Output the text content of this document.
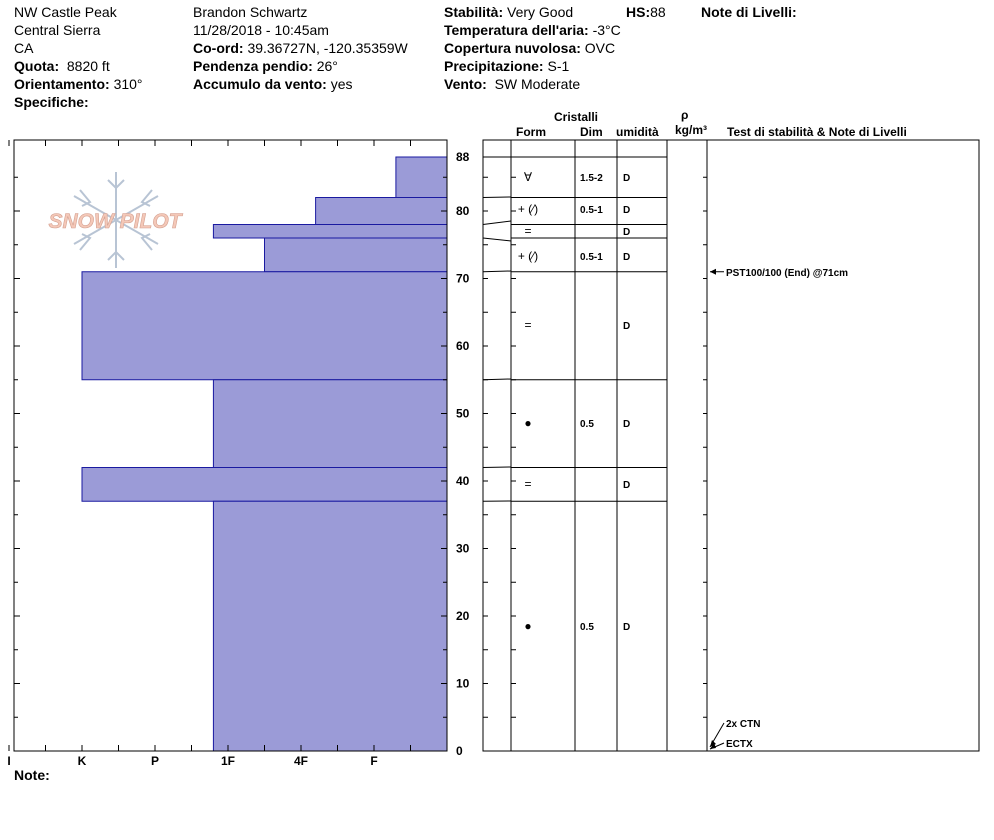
NW Castle Peak
Central Sierra
CA
Quota: 8820 ft
Orientamento: 310°
Specifiche:
Brandon Schwartz
11/28/2018 - 10:45am
Co-ord: 39.36727N, -120.35359W
Pendenza pendio: 26°
Accumulo da vento: yes
Stabilità: Very Good	HS:88
Temperatura dell'aria: -3°C
Copertura nuvolosa: OVC
Precipitazione: S-1
Vento: SW Moderate
Note di Livelli:
Cristalli
Form	Dim umidità
ρ
kg/m³ Test di stabilità & Note di Livelli
SNOW PILOT
I	K	P	1F	4F	F
0
10
20
30
40
50
60
70
80
88
∀	1.5-2 D
+ (⁄)	0.5-1 D
=	D
+ (⁄)	0.5-1 D
=	D
●	0.5	D
=	D
●	0.5	D
PST100/100 (End) @71cm
2x CTN
ECTX
Note:
